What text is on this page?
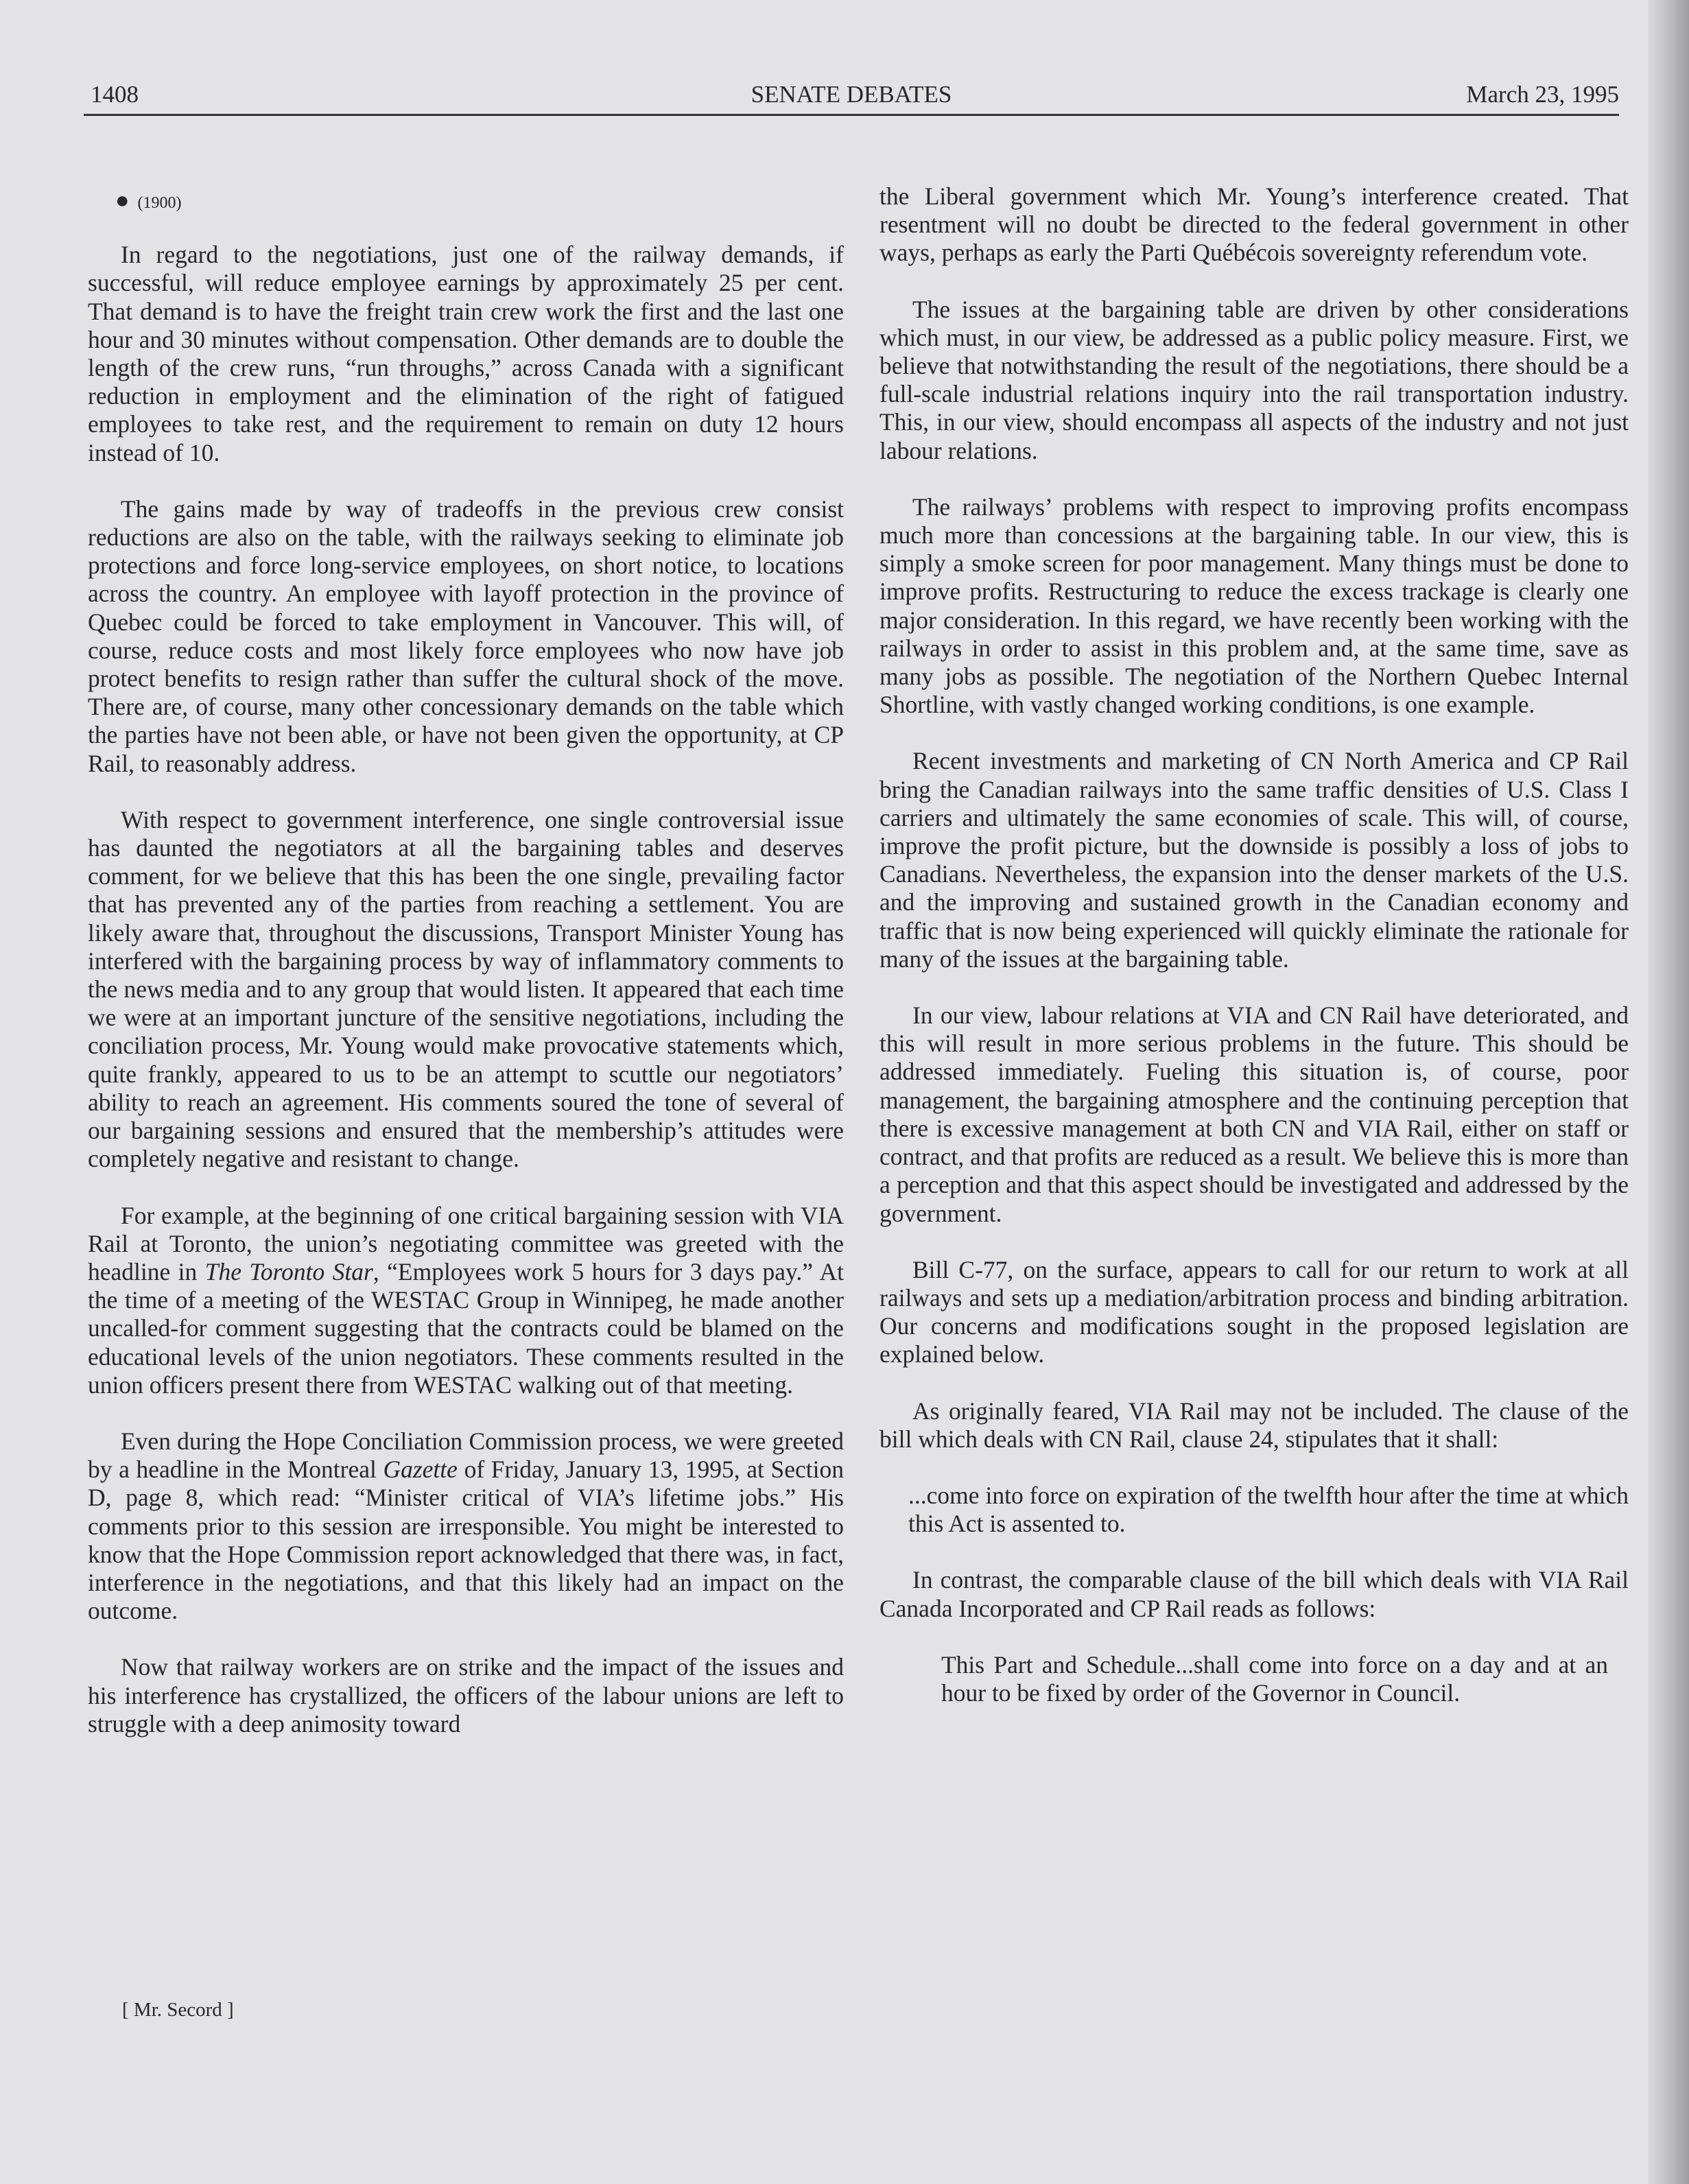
SENATE DEBATES
1408	March 23, 1995
● (1900)

In regard to the negotiations, just one of the railway demands, if successful, will reduce employee earnings by approximately 25 per cent. That demand is to have the freight train crew work the first and the last one hour and 30 minutes without compensation. Other demands are to double the length of the crew runs, “run throughs,” across Canada with a significant reduction in employment and the elimination of the right of fatigued employees to take rest, and the requirement to remain on duty 12 hours instead of 10.

The gains made by way of tradeoffs in the previous crew consist reductions are also on the table, with the railways seeking to eliminate job protections and force long-service employees, on short notice, to locations across the country. An employee with layoff protection in the province of Quebec could be forced to take employment in Vancouver. This will, of course, reduce costs and most likely force employees who now have job protect benefits to resign rather than suffer the cultural shock of the move. There are, of course, many other concessionary demands on the table which the parties have not been able, or have not been given the opportunity, at CP Rail, to reasonably address.

With respect to government interference, one single controversial issue has daunted the negotiators at all the bargaining tables and deserves comment, for we believe that this has been the one single, prevailing factor that has prevented any of the parties from reaching a settlement. You are likely aware that, throughout the discussions, Transport Minister Young has interfered with the bargaining process by way of inflammatory comments to the news media and to any group that would listen. It appeared that each time we were at an important juncture of the sensitive negotiations, including the conciliation process, Mr. Young would make provocative statements which, quite frankly, appeared to us to be an attempt to scuttle our negotiators’ ability to reach an agreement. His comments soured the tone of several of our bargaining sessions and ensured that the membership’s attitudes were completely negative and resistant to change.

For example, at the beginning of one critical bargaining session with VIA Rail at Toronto, the union’s negotiating committee was greeted with the headline in The Toronto Star, “Employees work 5 hours for 3 days pay.” At the time of a meeting of the WESTAC Group in Winnipeg, he made another uncalled-for comment suggesting that the contracts could be blamed on the educational levels of the union negotiators. These comments resulted in the union officers present there from WESTAC walking out of that meeting.

Even during the Hope Conciliation Commission process, we were greeted by a headline in the Montreal Gazette of Friday, January 13, 1995, at Section D, page 8, which read: “Minister critical of VIA’s lifetime jobs.” His comments prior to this session are irresponsible. You might be interested to know that the Hope Commission report acknowledged that there was, in fact, interference in the negotiations, and that this likely had an impact on the outcome.

Now that railway workers are on strike and the impact of the issues and his interference has crystallized, the officers of the labour unions are left to struggle with a deep animosity toward

[ Mr. Secord ]

the Liberal government which Mr. Young’s interference created. That resentment will no doubt be directed to the federal government in other ways, perhaps as early the Parti Québécois sovereignty referendum vote.

The issues at the bargaining table are driven by other considerations which must, in our view, be addressed as a public policy measure. First, we believe that notwithstanding the result of the negotiations, there should be a full-scale industrial relations inquiry into the rail transportation industry. This, in our view, should encompass all aspects of the industry and not just labour relations.

The railways’ problems with respect to improving profits encompass much more than concessions at the bargaining table. In our view, this is simply a smoke screen for poor management. Many things must be done to improve profits. Restructuring to reduce the excess trackage is clearly one major consideration. In this regard, we have recently been working with the railways in order to assist in this problem and, at the same time, save as many jobs as possible. The negotiation of the Northern Quebec Internal Shortline, with vastly changed working conditions, is one example.

Recent investments and marketing of CN North America and CP Rail bring the Canadian railways into the same traffic densities of U.S. Class I carriers and ultimately the same economies of scale. This will, of course, improve the profit picture, but the downside is possibly a loss of jobs to Canadians. Nevertheless, the expansion into the denser markets of the U.S. and the improving and sustained growth in the Canadian economy and traffic that is now being experienced will quickly eliminate the rationale for many of the issues at the bargaining table.

In our view, labour relations at VIA and CN Rail have deteriorated, and this will result in more serious problems in the future. This should be addressed immediately. Fueling this situation is, of course, poor management, the bargaining atmosphere and the continuing perception that there is excessive management at both CN and VIA Rail, either on staff or contract, and that profits are reduced as a result. We believe this is more than a perception and that this aspect should be investigated and addressed by the government.

Bill C-77, on the surface, appears to call for our return to work at all railways and sets up a mediation/arbitration process and binding arbitration. Our concerns and modifications sought in the proposed legislation are explained below.

As originally feared, VIA Rail may not be included. The clause of the bill which deals with CN Rail, clause 24, stipulates that it shall:

...come into force on expiration of the twelfth hour after the time at which this Act is assented to.

In contrast, the comparable clause of the bill which deals with VIA Rail Canada Incorporated and CP Rail reads as follows:

This Part and Schedule...shall come into force on a day and at an hour to be fixed by order of the Governor in Council.
